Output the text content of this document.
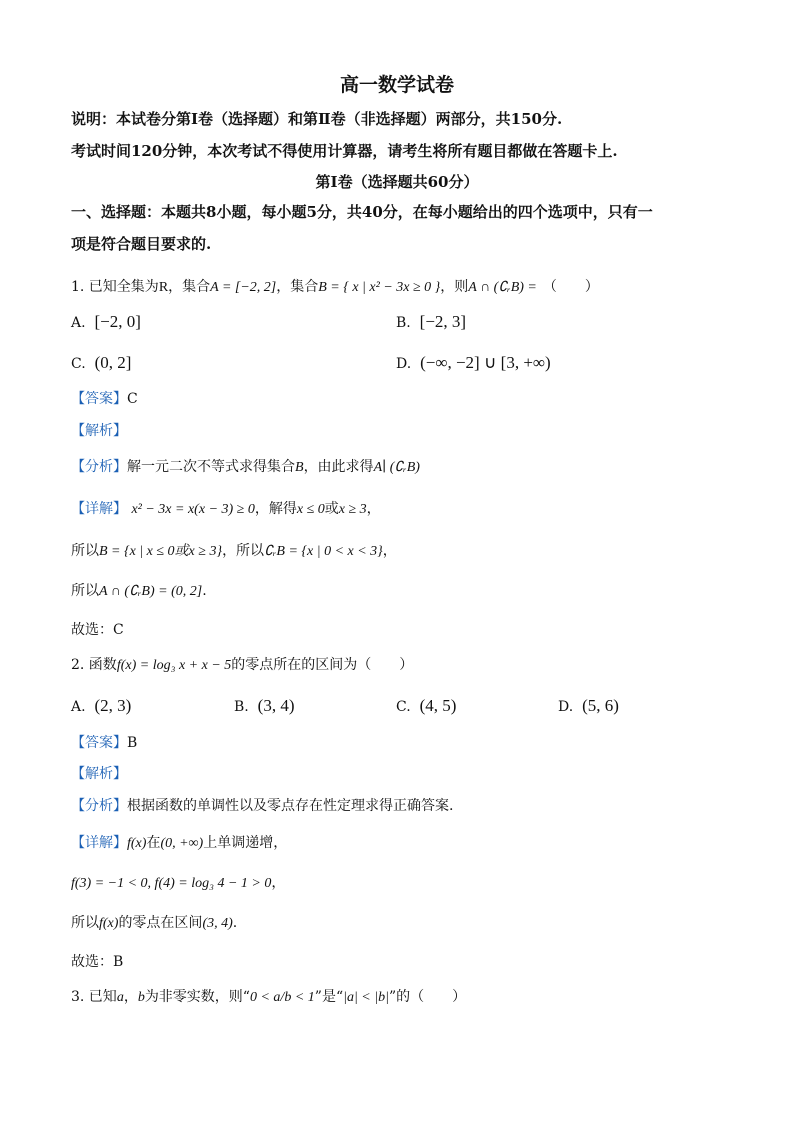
高一数学试卷
说明：本试卷分第Ⅰ卷（选择题）和第Ⅱ卷（非选择题）两部分，共150分.
考试时间120分钟，本次考试不得使用计算器，请考生将所有题目都做在答题卡上.
第Ⅰ卷（选择题共60分）
一、选择题：本题共8小题，每小题5分，共40分，在每小题给出的四个选项中，只有一
项是符合题目要求的.
1. 已知全集为R，集合A = [−2, 2]，集合B = { x | x² − 3x ≥ 0 }，则A ∩ (∁ᵣB) = （　　）
A. [−2, 0]	B. [−2, 3]
C. (0, 2]	D. (−∞, −2] ∪ [3, +∞)
【答案】C
【解析】
【分析】解一元二次不等式求得集合B，由此求得A∣ (∁ᵣB)
【详解】 x² − 3x = x(x − 3) ≥ 0，解得x ≤ 0或x ≥ 3，
所以B = {x | x ≤ 0或x ≥ 3}，所以∁ᵣB = {x | 0 < x < 3}，
所以A ∩ (∁ᵣB) = (0, 2].
故选：C
2. 函数f(x) = log₃ x + x − 5的零点所在的区间为（　　）
A. (2, 3)	B. (3, 4)	C. (4, 5)	D. (5, 6)
【答案】B
【解析】
【分析】根据函数的单调性以及零点存在性定理求得正确答案.
【详解】f(x)在(0, +∞)上单调递增，
f(3) = −1 < 0, f(4) = log₃ 4 − 1 > 0，
所以f(x)的零点在区间(3, 4).
故选：B
3. 已知a，b为非零实数，则“0 < a/b < 1”是“|a| < |b|”的（　　）
